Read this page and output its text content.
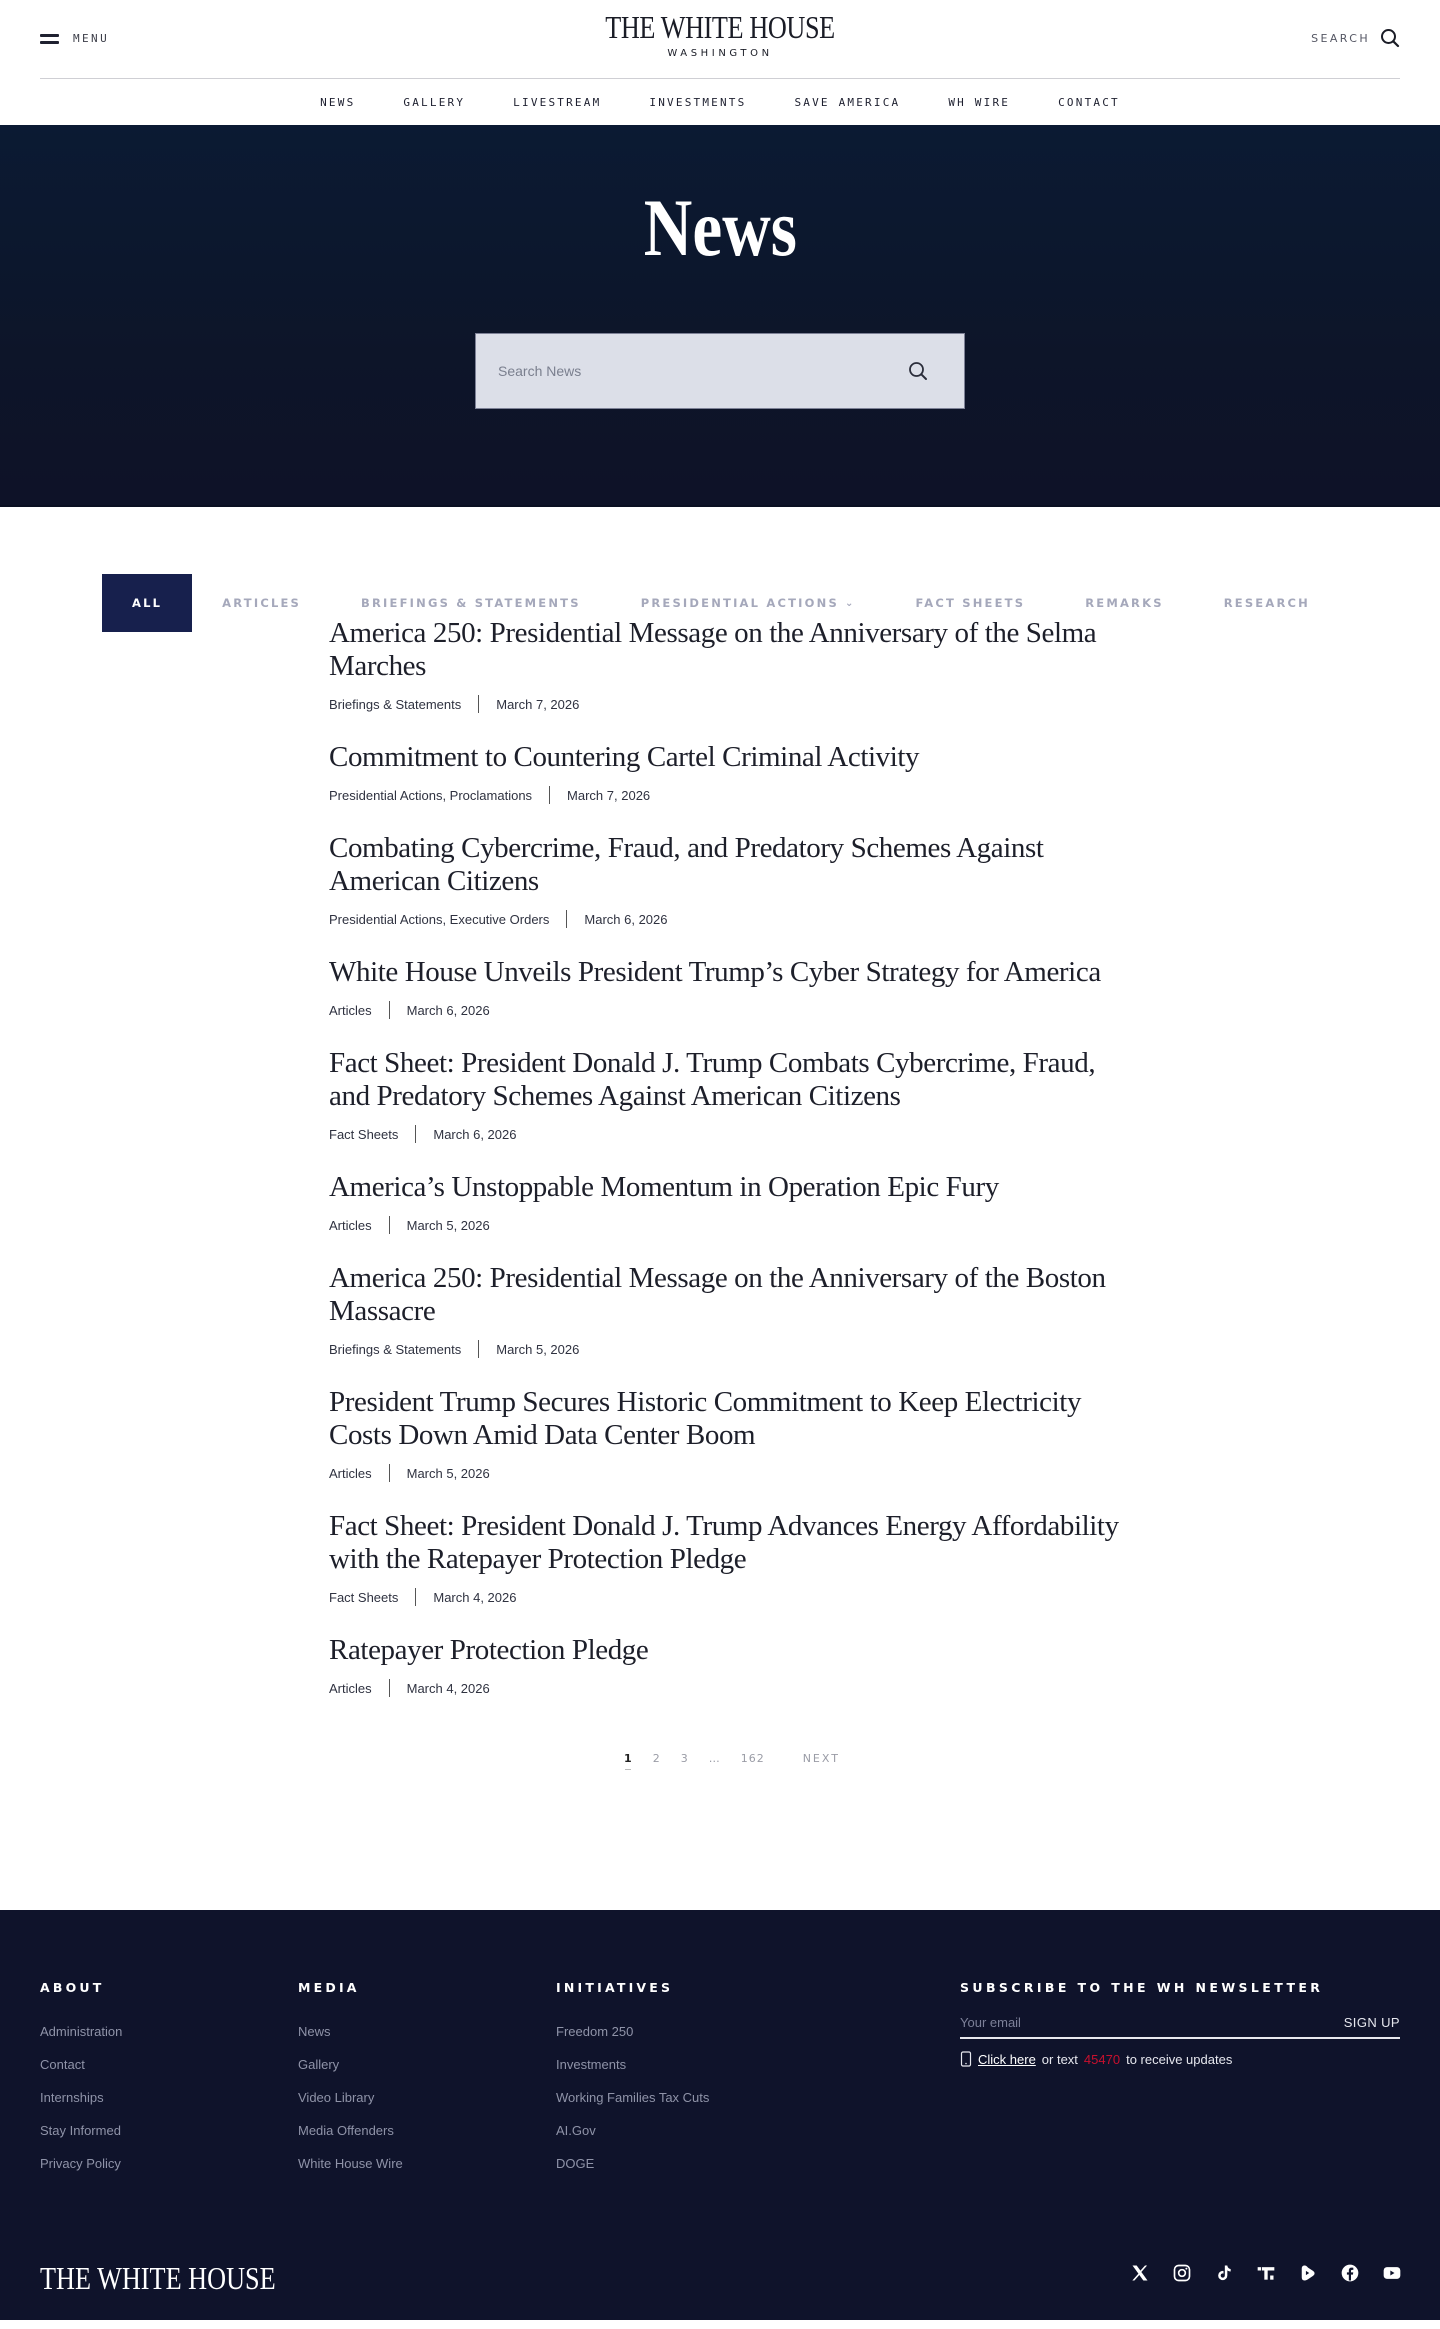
MENU	THE WHITE HOUSE
WASHINGTON
SEARCH
NEWS	GALLERY	LIVESTREAM	INVESTMENTS	SAVE AMERICA	WH WIRE	CONTACT
News
Search News
ALL	ARTICLES	BRIEFINGS & STATEMENTS	PRESIDENTIAL ACTIONS ⌄	FACT SHEETS	REMARKS	RESEARCH
America 250: Presidential Message on the Anniversary of the Selma Marches
Briefings & Statements	March 7, 2026
Commitment to Countering Cartel Criminal Activity
Presidential Actions, Proclamations	March 7, 2026
Combating Cybercrime, Fraud, and Predatory Schemes Against American Citizens
Presidential Actions, Executive Orders	March 6, 2026
White House Unveils President Trump’s Cyber Strategy for America
Articles	March 6, 2026
Fact Sheet: President Donald J. Trump Combats Cybercrime, Fraud, and Predatory Schemes Against American Citizens
Fact Sheets	March 6, 2026
America’s Unstoppable Momentum in Operation Epic Fury
Articles	March 5, 2026
America 250: Presidential Message on the Anniversary of the Boston Massacre
Briefings & Statements	March 5, 2026
President Trump Secures Historic Commitment to Keep Electricity Costs Down Amid Data Center Boom
Articles	March 5, 2026
Fact Sheet: President Donald J. Trump Advances Energy Affordability with the Ratepayer Protection Pledge
Fact Sheets	March 4, 2026
Ratepayer Protection Pledge
Articles	March 4, 2026
1	2	3	…	162	NEXT
ABOUT
Administration
Contact
Internships
Stay Informed
Privacy Policy
MEDIA
News
Gallery
Video Library
Media Offenders
White House Wire
INITIATIVES
Freedom 250
Investments
Working Families Tax Cuts
AI.Gov
DOGE
SUBSCRIBE TO THE WH NEWSLETTER
Your email
SIGN UP
Click here or text 45470 to receive updates
THE WHITE HOUSE
